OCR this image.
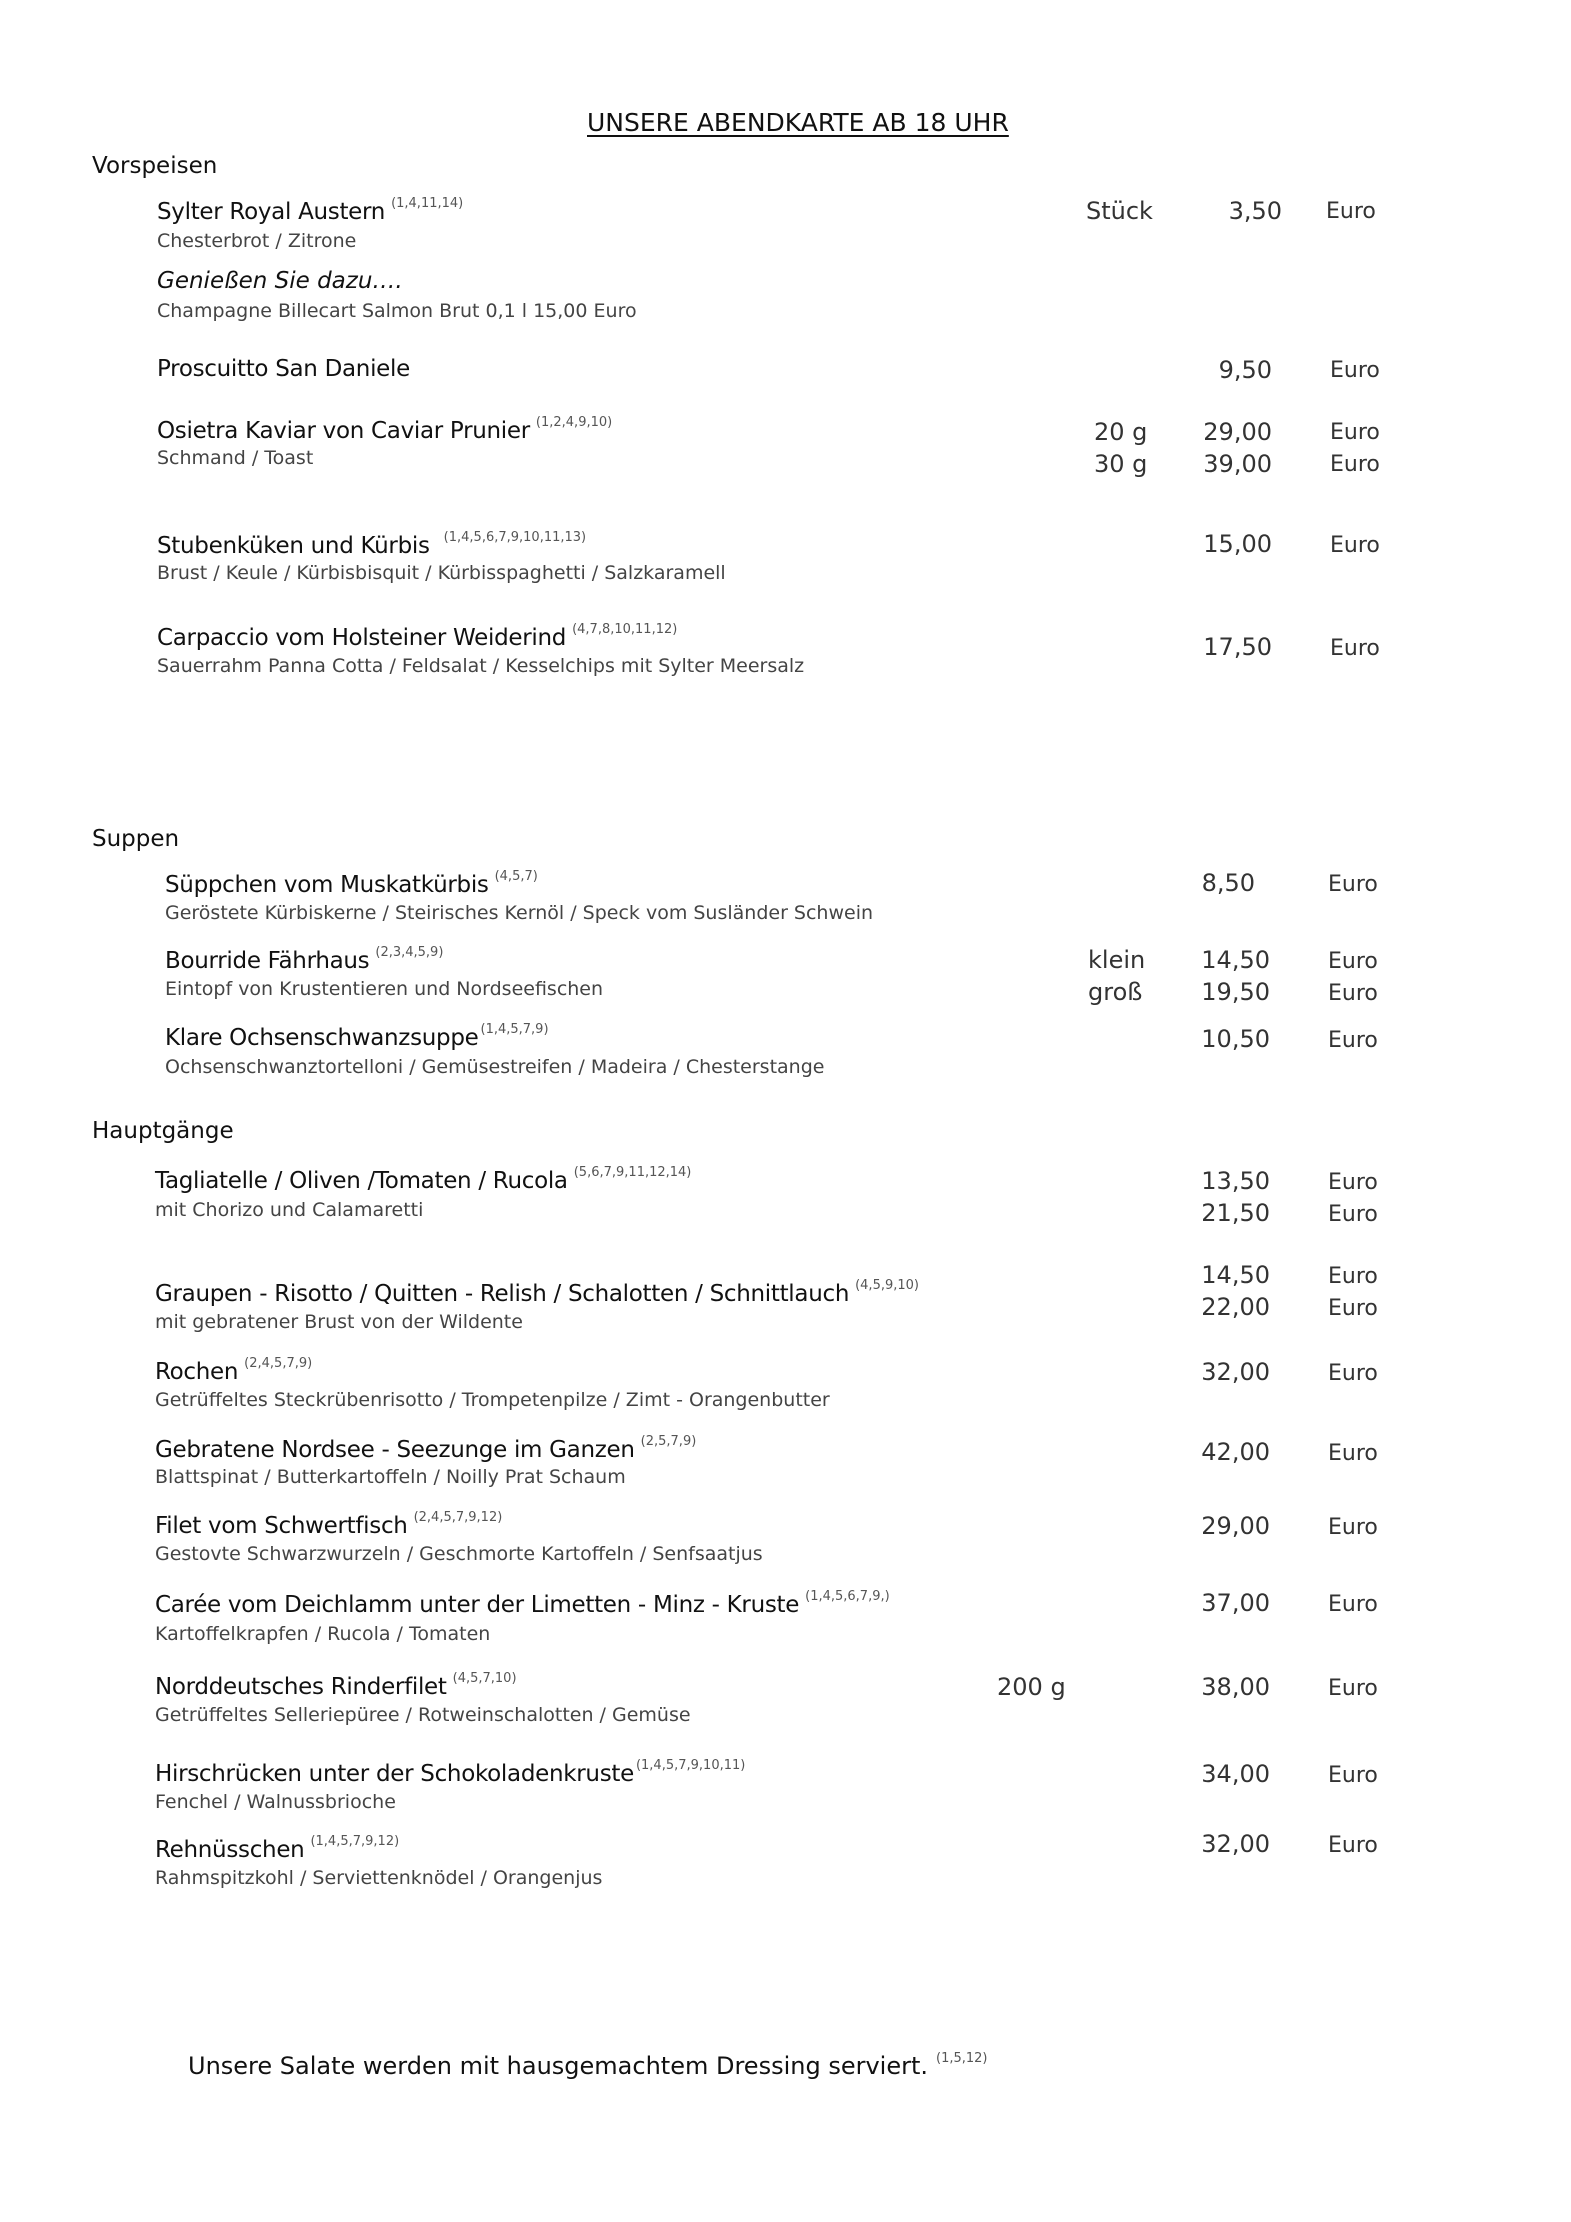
UNSERE ABENDKARTE AB 18 UHR
Vorspeisen
Sylter Royal Austern $^{(1,4,11,14)}$
Chesterbrot / Zitrone
Stück	3,50 Euro
Genießen Sie dazu….
Champagne Billecart Salmon Brut 0,1 l 15,00 Euro
Proscuitto San Daniele	9,50	Euro
Osietra Kaviar von Caviar Prunier $^{(1,2,4,9,10)}$
Schmand / Toast
20 g	29,00	Euro
30 g	39,00	Euro
Stubenküken und Kürbis $^{(1,4,5,6,7,9,10,11,13)}$
Brust / Keule / Kürbisbisquit / Kürbisspaghetti / Salzkaramell
15,00	Euro
Carpaccio vom Holsteiner Weiderind $^{(4,7,8,10,11,12)}$
Sauerrahm Panna Cotta / Feldsalat / Kesselchips mit Sylter Meersalz
17,50	Euro
Suppen
Süppchen vom Muskatkürbis $^{(4,5,7)}$
Geröstete Kürbiskerne / Steirisches Kernöl / Speck vom Susländer Schwein
8,50	Euro
Bourride Fährhaus $^{(2,3,4,5,9)}$
Eintopf von Krustentieren und Nordseefischen
klein	14,50	Euro
groß	19,50	Euro
Klare Ochsenschwanzsuppe $^{(1,4,5,7,9)}$
Ochsenschwanztortelloni / Gemüsestreifen / Madeira / Chesterstange
10,50	Euro
Hauptgänge
Tagliatelle / Oliven /Tomaten / Rucola $^{(5,6,7,9,11,12,14)}$
mit Chorizo und Calamaretti
13,50	Euro
21,50	Euro
Graupen - Risotto / Quitten - Relish / Schalotten / Schnittlauch $^{(4,5,9,10)}$
mit gebratener Brust von der Wildente
14,50	Euro
22,00	Euro
Rochen $^{(2,4,5,7,9)}$
Getrüffeltes Steckrübenrisotto / Trompetenpilze / Zimt - Orangenbutter
32,00	Euro
Gebratene Nordsee - Seezunge im Ganzen $^{(2,5,7,9)}$
Blattspinat / Butterkartoffeln / Noilly Prat Schaum
42,00	Euro
Filet vom Schwertfisch $^{(2,4,5,7,9,12)}$
Gestovte Schwarzwurzeln / Geschmorte Kartoffeln / Senfsaatjus
29,00	Euro
Carée vom Deichlamm unter der Limetten - Minz - Kruste $^{(1,4,5,6,7,9,)}$
Kartoffelkrapfen / Rucola / Tomaten
37,00	Euro
Norddeutsches Rinderfilet $^{(4,5,7,10)}$
Getrüffeltes Selleriepüree / Rotweinschalotten / Gemüse
200 g	38,00	Euro
Hirschrücken unter der Schokoladenkruste $^{(1,4,5,7,9,10,11)}$
Fenchel / Walnussbrioche
34,00	Euro
Rehnüsschen $^{(1,4,5,7,9,12)}$
Rahmspitzkohl / Serviettenknödel / Orangenjus
32,00	Euro
Unsere Salate werden mit hausgemachtem Dressing serviert. $^{(1,5,12)}$
